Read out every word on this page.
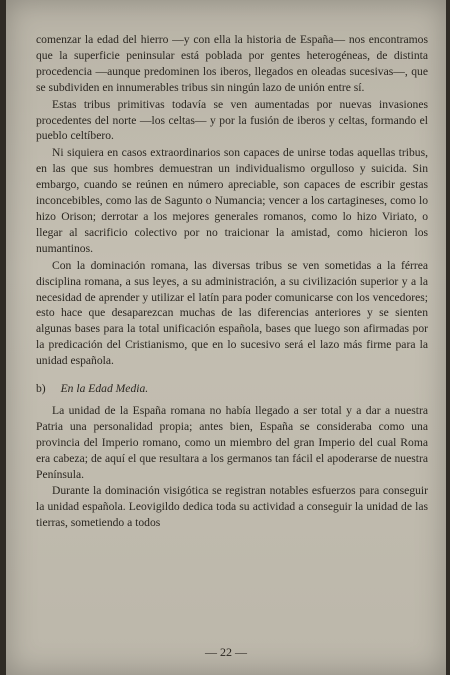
comenzar la edad del hierro —y con ella la historia de España— nos encontramos que la superficie peninsular está poblada por gentes heterogéneas, de distinta procedencia —aunque predominen los iberos, llegados en oleadas sucesivas—, que se subdividen en innumerables tribus sin ningún lazo de unión entre sí.

Estas tribus primitivas todavía se ven aumentadas por nuevas invasiones procedentes del norte —los celtas— y por la fusión de iberos y celtas, formando el pueblo celtíbero.

Ni siquiera en casos extraordinarios son capaces de unirse todas aquellas tribus, en las que sus hombres demuestran un individualismo orgulloso y suicida. Sin embargo, cuando se reúnen en número apreciable, son capaces de escribir gestas inconcebibles, como las de Sagunto o Numancia; vencer a los cartagineses, como lo hizo Orison; derrotar a los mejores generales romanos, como lo hizo Viriato, o llegar al sacrificio colectivo por no traicionar la amistad, como hicieron los numantinos.

Con la dominación romana, las diversas tribus se ven sometidas a la férrea disciplina romana, a sus leyes, a su administración, a su civilización superior y a la necesidad de aprender y utilizar el latín para poder comunicarse con los vencedores; esto hace que desaparezcan muchas de las diferencias anteriores y se sienten algunas bases para la total unificación española, bases que luego son afirmadas por la predicación del Cristianismo, que en lo sucesivo será el lazo más firme para la unidad española.

b) En la Edad Media.

La unidad de la España romana no había llegado a ser total y a dar a nuestra Patria una personalidad propia; antes bien, España se consideraba como una provincia del Imperio romano, como un miembro del gran Imperio del cual Roma era cabeza; de aquí el que resultara a los germanos tan fácil el apoderarse de nuestra Península.

Durante la dominación visigótica se registran notables esfuerzos para conseguir la unidad española. Leovigildo dedica toda su actividad a conseguir la unidad de las tierras, sometiendo a todos

— 22 —
